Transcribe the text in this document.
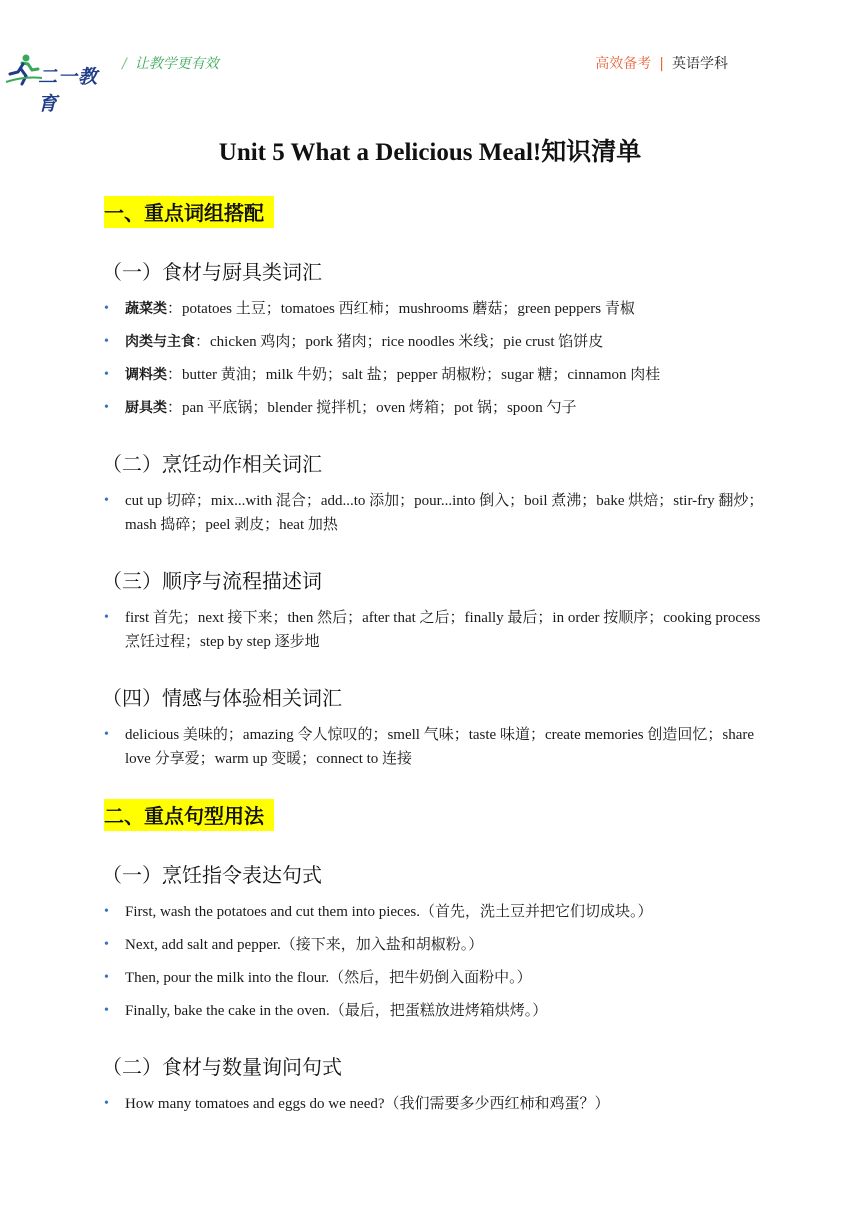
二一教育
/ 让教学更有效	高效备考 | 英语学科
Unit 5 What a Delicious Meal!知识清单
一、重点词组搭配
（一）食材与厨具类词汇
• 蔬菜类：potatoes 土豆；tomatoes 西红柿；mushrooms 蘑菇；green peppers 青椒
• 肉类与主食：chicken 鸡肉；pork 猪肉；rice noodles 米线；pie crust 馅饼皮
• 调料类：butter 黄油；milk 牛奶；salt 盐；pepper 胡椒粉；sugar 糖；cinnamon 肉桂
• 厨具类：pan 平底锅；blender 搅拌机；oven 烤箱；pot 锅；spoon 勺子
（二）烹饪动作相关词汇
• cut up 切碎；mix...with 混合；add...to 添加；pour...into 倒入；boil 煮沸；bake 烘焙；stir-fry 翻炒；mash 捣碎；peel 剥皮；heat 加热
（三）顺序与流程描述词
• first 首先；next 接下来；then 然后；after that 之后；finally 最后；in order 按顺序；cooking process 烹饪过程；step by step 逐步地
（四）情感与体验相关词汇
• delicious 美味的；amazing 令人惊叹的；smell 气味；taste 味道；create memories 创造回忆；share love 分享爱；warm up 变暖；connect to 连接
二、重点句型用法
（一）烹饪指令表达句式
• First, wash the potatoes and cut them into pieces.（首先，洗土豆并把它们切成块。）
• Next, add salt and pepper.（接下来，加入盐和胡椒粉。）
• Then, pour the milk into the flour.（然后，把牛奶倒入面粉中。）
• Finally, bake the cake in the oven.（最后，把蛋糕放进烤箱烘烤。）
（二）食材与数量询问句式
• How many tomatoes and eggs do we need?（我们需要多少西红柿和鸡蛋？）
